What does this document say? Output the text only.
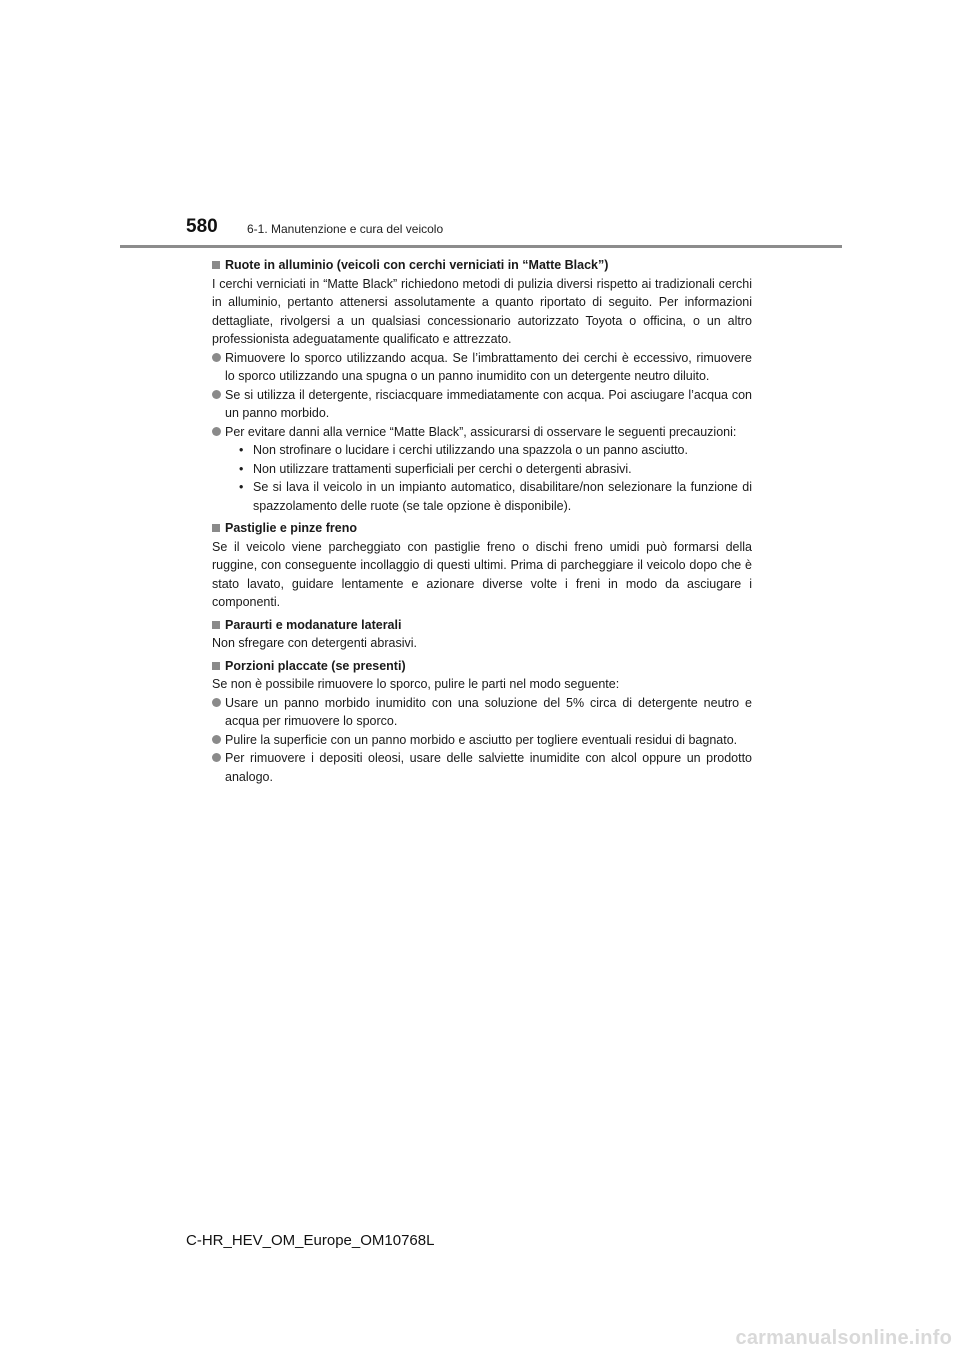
580 6-1. Manutenzione e cura del veicolo

Ruote in alluminio (veicoli con cerchi verniciati in “Matte Black”)

I cerchi verniciati in “Matte Black” richiedono metodi di pulizia diversi rispetto ai tradizionali cerchi in alluminio, pertanto attenersi assolutamente a quanto riportato di seguito. Per informazioni dettagliate, rivolgersi a un qualsiasi concessionario autorizzato Toyota o officina, o un altro professionista adeguatamente qualificato e attrezzato.

Rimuovere lo sporco utilizzando acqua. Se l’imbrattamento dei cerchi è eccessivo, rimuovere lo sporco utilizzando una spugna o un panno inumidito con un detergente neutro diluito.

Se si utilizza il detergente, risciacquare immediatamente con acqua. Poi asciugare l’acqua con un panno morbido.

Per evitare danni alla vernice “Matte Black”, assicurarsi di osservare le seguenti precauzioni:

• Non strofinare o lucidare i cerchi utilizzando una spazzola o un panno asciutto.

• Non utilizzare trattamenti superficiali per cerchi o detergenti abrasivi.

• Se si lava il veicolo in un impianto automatico, disabilitare/non selezionare la funzione di spazzolamento delle ruote (se tale opzione è disponibile).

Pastiglie e pinze freno

Se il veicolo viene parcheggiato con pastiglie freno o dischi freno umidi può formarsi della ruggine, con conseguente incollaggio di questi ultimi. Prima di parcheggiare il veicolo dopo che è stato lavato, guidare lentamente e azionare diverse volte i freni in modo da asciugare i componenti.

Paraurti e modanature laterali

Non sfregare con detergenti abrasivi.

Porzioni placcate (se presenti)

Se non è possibile rimuovere lo sporco, pulire le parti nel modo seguente:

Usare un panno morbido inumidito con una soluzione del 5% circa di detergente neutro e acqua per rimuovere lo sporco.

Pulire la superficie con un panno morbido e asciutto per togliere eventuali residui di bagnato.

Per rimuovere i depositi oleosi, usare delle salviette inumidite con alcol oppure un prodotto analogo.

C-HR_HEV_OM_Europe_OM10768L
carmanualsonline.info
